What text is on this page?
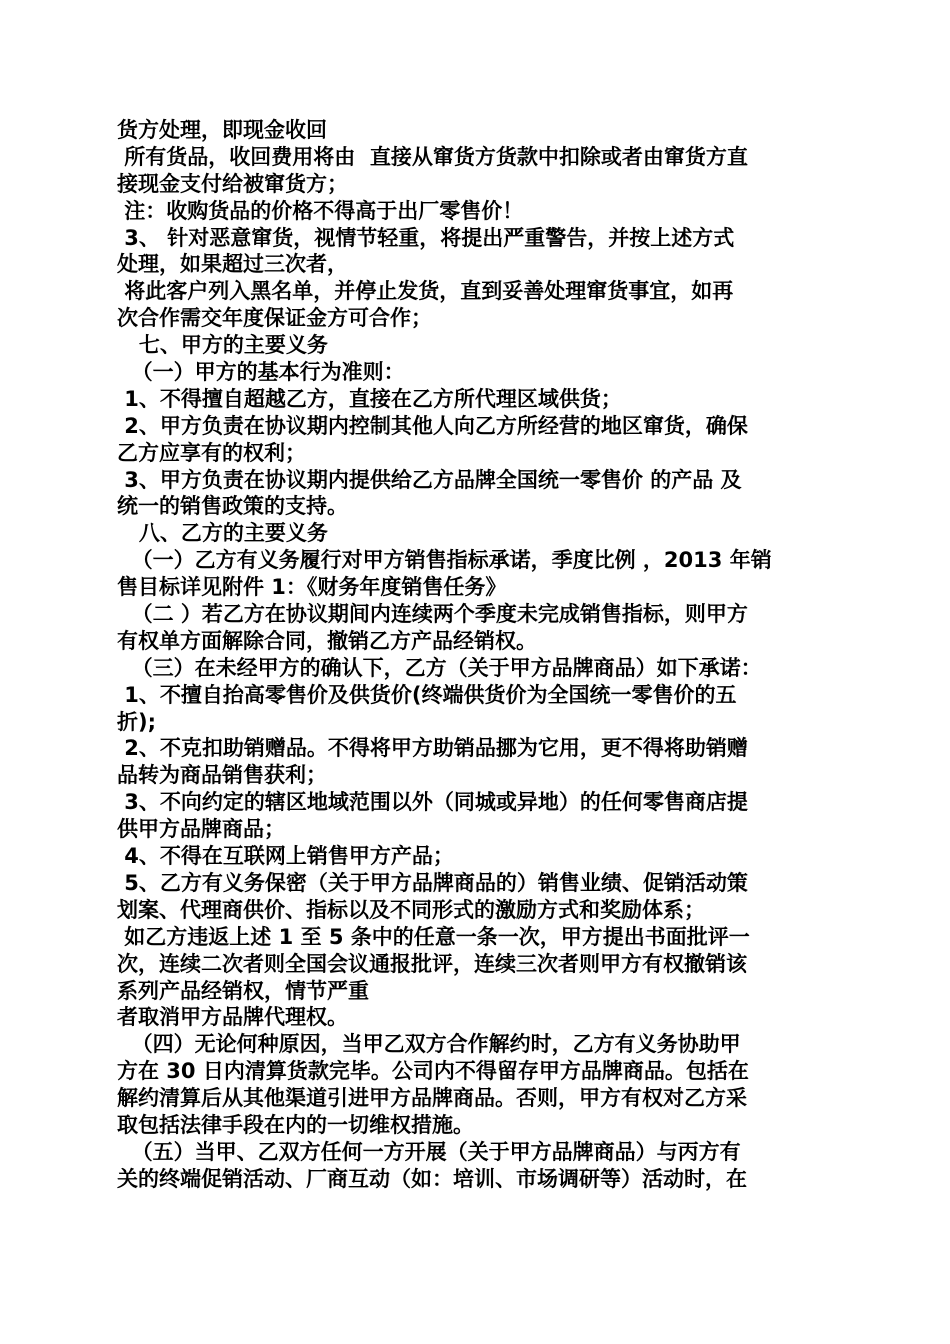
货方处理，即现金收回
所有货品，收回费用将由  直接从窜货方货款中扣除或者由窜货方直
接现金支付给被窜货方；
注：收购货品的价格不得高于出厂零售价！
3、 针对恶意窜货，视情节轻重，将提出严重警告，并按上述方式
处理，如果超过三次者，
将此客户列入黑名单，并停止发货，直到妥善处理窜货事宜，如再
次合作需交年度保证金方可合作；
七、甲方的主要义务
（一）甲方的基本行为准则：
1、不得擅自超越乙方，直接在乙方所代理区域供货；
2、甲方负责在协议期内控制其他人向乙方所经营的地区窜货，确保
乙方应享有的权利；
3、甲方负责在协议期内提供给乙方品牌全国统一零售价 的产品 及
统一的销售政策的支持。
八、乙方的主要义务
（一）乙方有义务履行对甲方销售指标承诺，季度比例 ，2013 年销
售目标详见附件 1：《财务年度销售任务》
（二 ）若乙方在协议期间内连续两个季度未完成销售指标，则甲方
有权单方面解除合同，撤销乙方产品经销权。
（三）在未经甲方的确认下，乙方（关于甲方品牌商品）如下承诺：
1、不擅自抬高零售价及供货价(终端供货价为全国统一零售价的五
折);
2、不克扣助销赠品。不得将甲方助销品挪为它用，更不得将助销赠
品转为商品销售获利；
3、不向约定的辖区地域范围以外（同城或异地）的任何零售商店提
供甲方品牌商品；
4、不得在互联网上销售甲方产品；
5、乙方有义务保密（关于甲方品牌商品的）销售业绩、促销活动策
划案、代理商供价、指标以及不同形式的激励方式和奖励体系；
如乙方违返上述 1 至 5 条中的任意一条一次，甲方提出书面批评一
次，连续二次者则全国会议通报批评，连续三次者则甲方有权撤销该
系列产品经销权，情节严重
者取消甲方品牌代理权。
（四）无论何种原因，当甲乙双方合作解约时，乙方有义务协助甲
方在 30 日内清算货款完毕。公司内不得留存甲方品牌商品。包括在
解约清算后从其他渠道引进甲方品牌商品。否则，甲方有权对乙方采
取包括法律手段在内的一切维权措施。
（五）当甲、乙双方任何一方开展（关于甲方品牌商品）与丙方有
关的终端促销活动、厂商互动（如：培训、市场调研等）活动时，在
